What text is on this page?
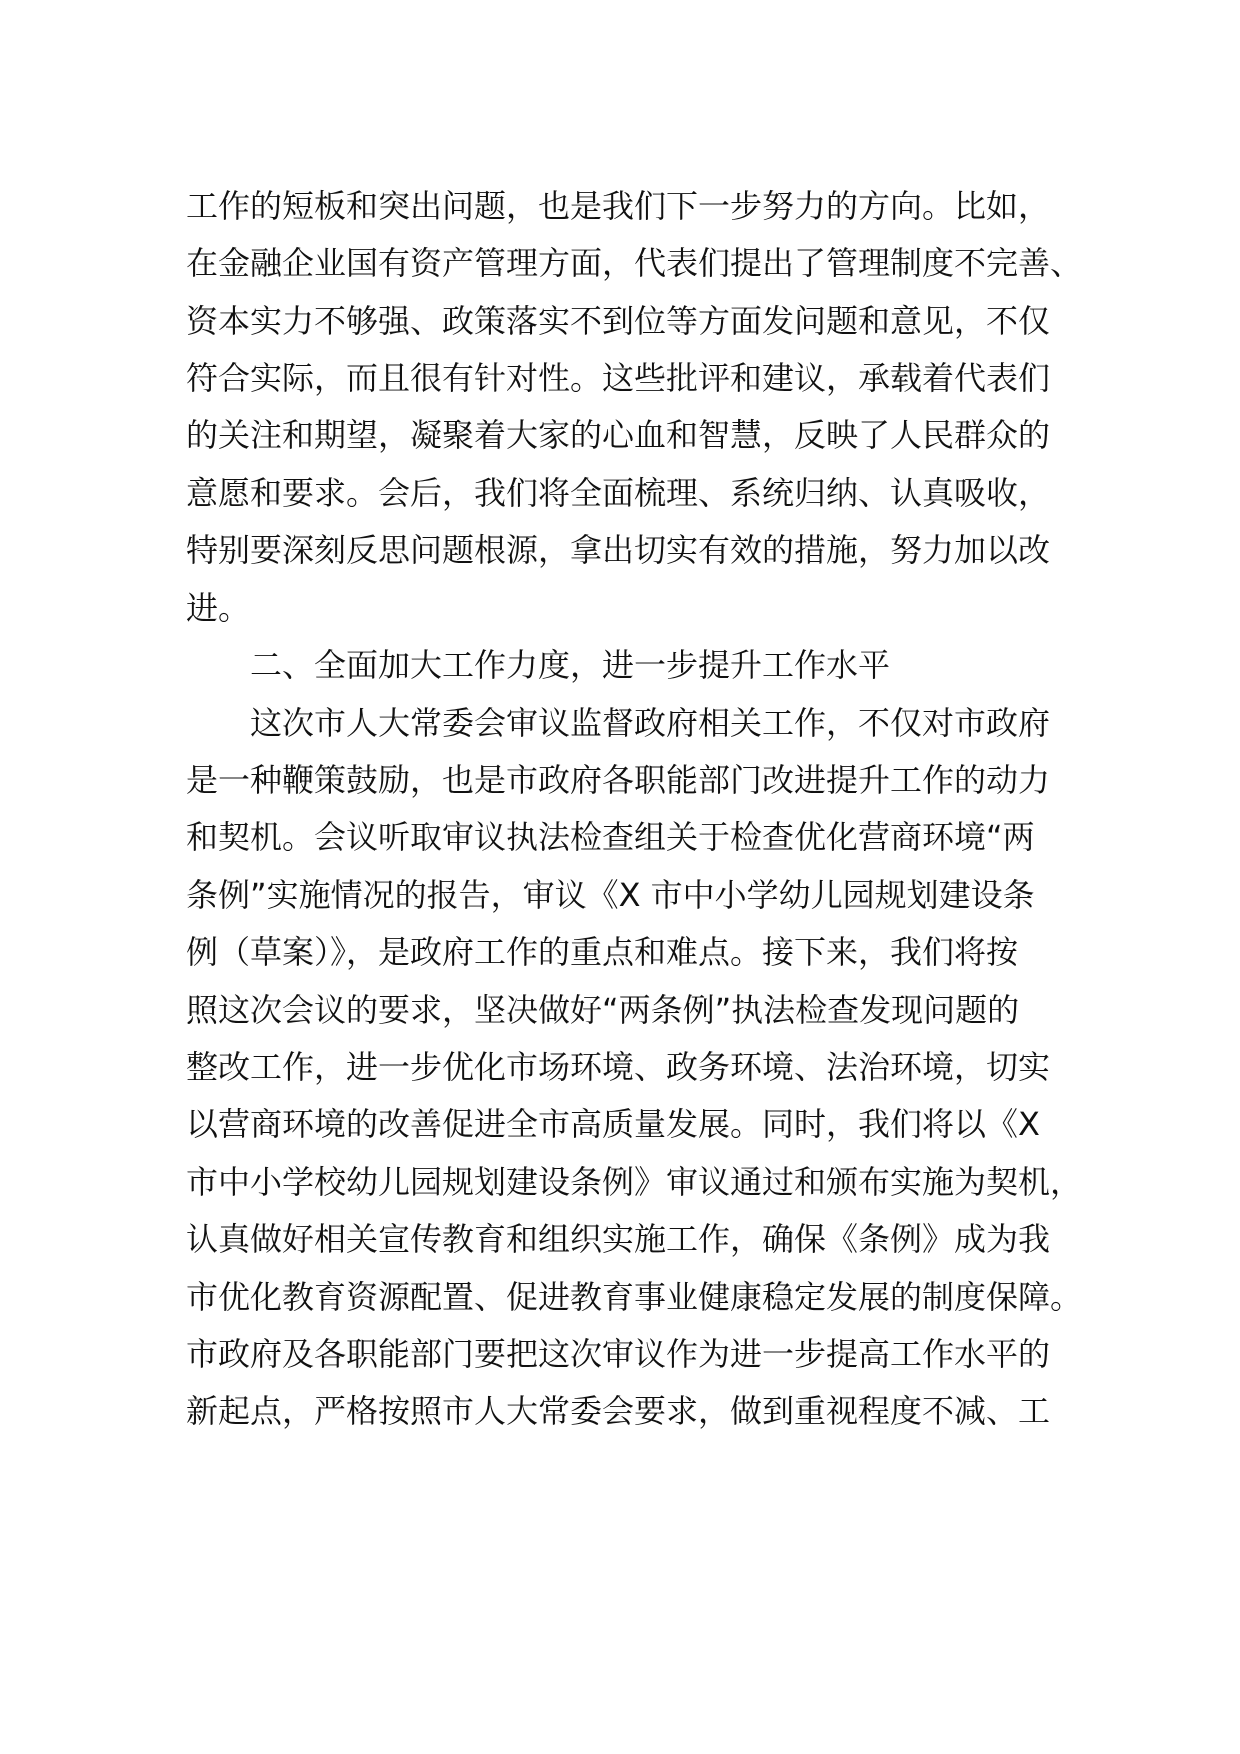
工作的短板和突出问题，也是我们下一步努力的方向。比如，
在金融企业国有资产管理方面，代表们提出了管理制度不完善、
资本实力不够强、政策落实不到位等方面发问题和意见，不仅
符合实际，而且很有针对性。这些批评和建议，承载着代表们
的关注和期望，凝聚着大家的心血和智慧，反映了人民群众的
意愿和要求。会后，我们将全面梳理、系统归纳、认真吸收，
特别要深刻反思问题根源，拿出切实有效的措施，努力加以改
进。
二、全面加大工作力度，进一步提升工作水平
这次市人大常委会审议监督政府相关工作，不仅对市政府
是一种鞭策鼓励，也是市政府各职能部门改进提升工作的动力
和契机。会议听取审议执法检查组关于检查优化营商环境“两
条例”实施情况的报告，审议《X 市中小学幼儿园规划建设条
例（草案）》，是政府工作的重点和难点。接下来，我们将按
照这次会议的要求，坚决做好“两条例”执法检查发现问题的
整改工作，进一步优化市场环境、政务环境、法治环境，切实
以营商环境的改善促进全市高质量发展。同时，我们将以《X
市中小学校幼儿园规划建设条例》审议通过和颁布实施为契机，
认真做好相关宣传教育和组织实施工作，确保《条例》成为我
市优化教育资源配置、促进教育事业健康稳定发展的制度保障。
市政府及各职能部门要把这次审议作为进一步提高工作水平的
新起点，严格按照市人大常委会要求，做到重视程度不减、工
